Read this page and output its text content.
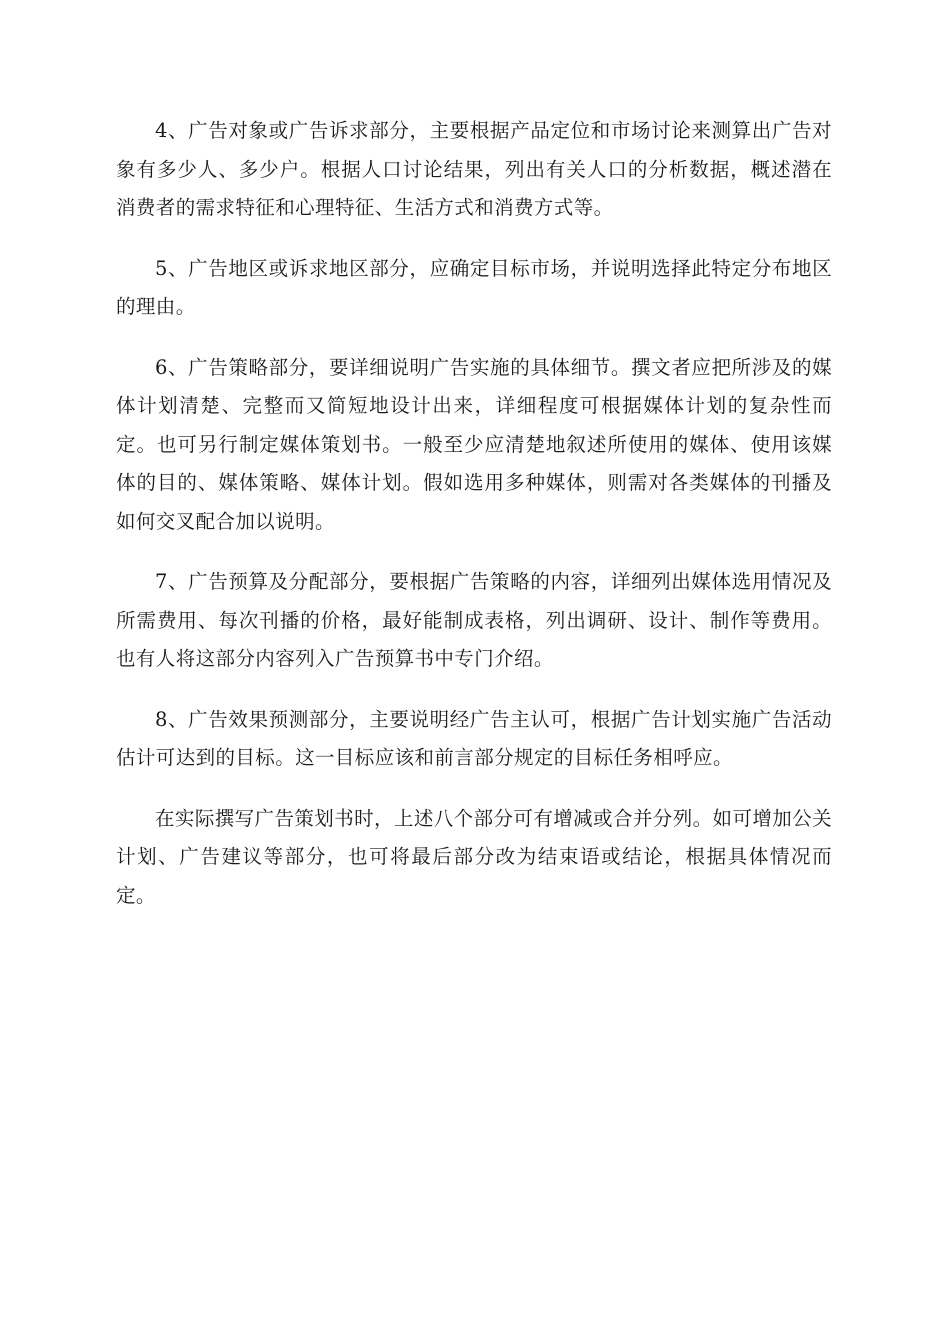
4、广告对象或广告诉求部分，主要根据产品定位和市场讨论来测算出广告对象有多少人、多少户。根据人口讨论结果，列出有关人口的分析数据，概述潜在消费者的需求特征和心理特征、生活方式和消费方式等。

5、广告地区或诉求地区部分，应确定目标市场，并说明选择此特定分布地区的理由。

6、广告策略部分，要详细说明广告实施的具体细节。撰文者应把所涉及的媒体计划清楚、完整而又简短地设计出来，详细程度可根据媒体计划的复杂性而定。也可另行制定媒体策划书。一般至少应清楚地叙述所使用的媒体、使用该媒体的目的、媒体策略、媒体计划。假如选用多种媒体，则需对各类媒体的刊播及如何交叉配合加以说明。

7、广告预算及分配部分，要根据广告策略的内容，详细列出媒体选用情况及所需费用、每次刊播的价格，最好能制成表格，列出调研、设计、制作等费用。也有人将这部分内容列入广告预算书中专门介绍。

8、广告效果预测部分，主要说明经广告主认可，根据广告计划实施广告活动估计可达到的目标。这一目标应该和前言部分规定的目标任务相呼应。

在实际撰写广告策划书时，上述八个部分可有增减或合并分列。如可增加公关计划、广告建议等部分，也可将最后部分改为结束语或结论，根据具体情况而定。
